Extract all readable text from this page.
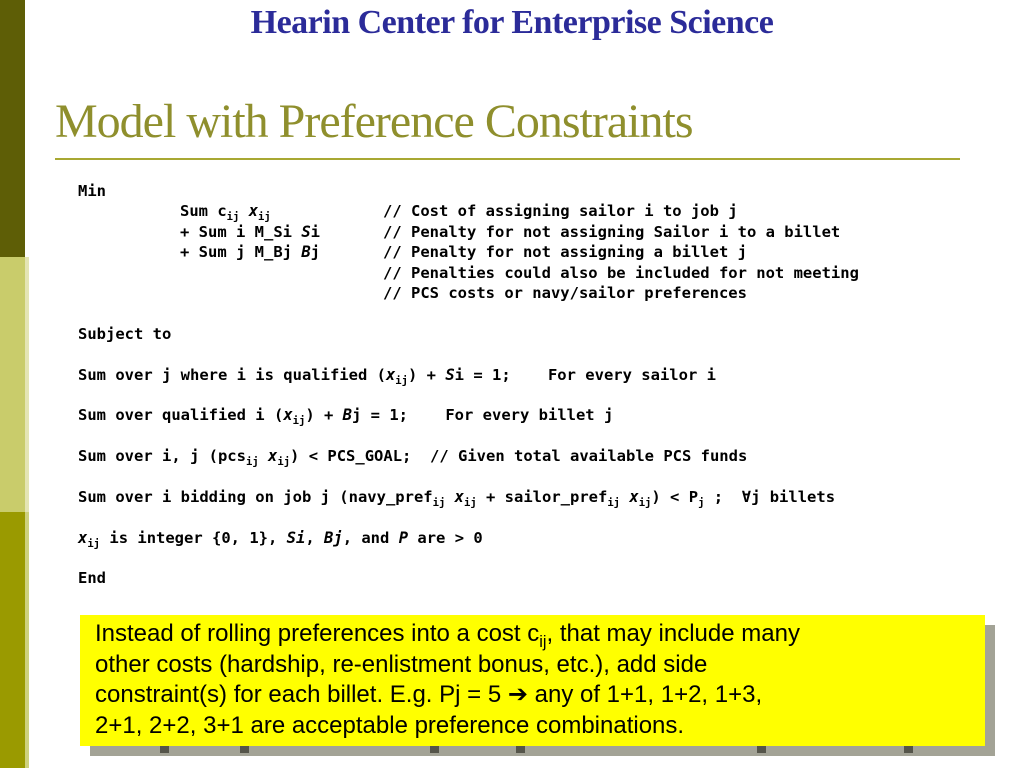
Hearin Center for Enterprise Science
Model with Preference Constraints
Min
Sum $c_{ij}$ $x_{ij}$	// Cost of assigning sailor i to job j
+ Sum i M_Si Si	// Penalty for not assigning Sailor i to a billet
+ Sum j M_Bj Bj	// Penalty for not assigning a billet j
// Penalties could also be included for not meeting
// PCS costs or navy/sailor preferences
Subject to
Sum over j where i is qualified $(x_{ij}) + Si = 1$;    For every sailor i
Sum over qualified i $(x_{ij}) + Bj = 1$;    For every billet j
Sum over i, j (pcs$_{ij}$ $x_{ij}$) < PCS_GOAL;  // Given total available PCS funds
Sum over i bidding on job j (navy_pref$_{ij}$ $x_{ij}$ + sailor_pref$_{ij}$ $x_{ij}) < P_j$ ;  ∀j billets
$x_{ij}$ is integer {0, 1}, Si, Bj, and P are > 0
End
Instead of rolling preferences into a cost $c_{ij}$, that may include many
other costs (hardship, re-enlistment bonus, etc.), add side
constraint(s) for each billet. E.g. Pj = 5 ➔ any of 1+1, 1+2, 1+3,
2+1, 2+2, 3+1 are acceptable preference combinations.
